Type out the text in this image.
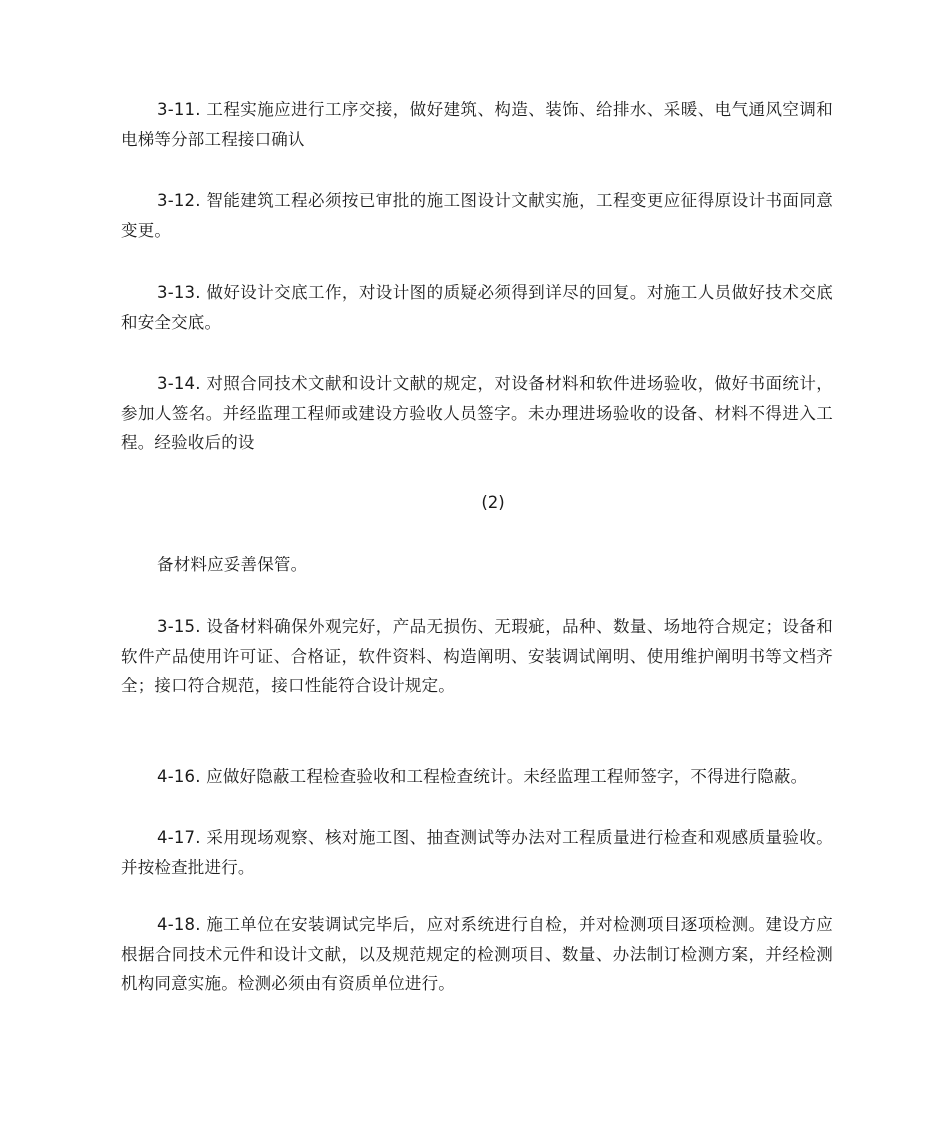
3-11. 工程实施应进行工序交接，做好建筑、构造、装饰、给排水、采暖、电气通风空调和电梯等分部工程接口确认

3-12. 智能建筑工程必须按已审批的施工图设计文献实施，工程变更应征得原设计书面同意变更。

3-13. 做好设计交底工作，对设计图的质疑必须得到详尽的回复。对施工人员做好技术交底和安全交底。

3-14. 对照合同技术文献和设计文献的规定，对设备材料和软件进场验收，做好书面统计，参加人签名。并经监理工程师或建设方验收人员签字。未办理进场验收的设备、材料不得进入工程。经验收后的设

(2)

备材料应妥善保管。

3-15. 设备材料确保外观完好，产品无损伤、无瑕疵，品种、数量、场地符合规定；设备和软件产品使用许可证、合格证，软件资料、构造阐明、安装调试阐明、使用维护阐明书等文档齐全；接口符合规范，接口性能符合设计规定。

4-16. 应做好隐蔽工程检查验收和工程检查统计。未经监理工程师签字，不得进行隐蔽。

4-17. 采用现场观察、核对施工图、抽查测试等办法对工程质量进行检查和观感质量验收。并按检查批进行。

4-18. 施工单位在安装调试完毕后，应对系统进行自检，并对检测项目逐项检测。建设方应根据合同技术元件和设计文献，以及规范规定的检测项目、数量、办法制订检测方案，并经检测机构同意实施。检测必须由有资质单位进行。
